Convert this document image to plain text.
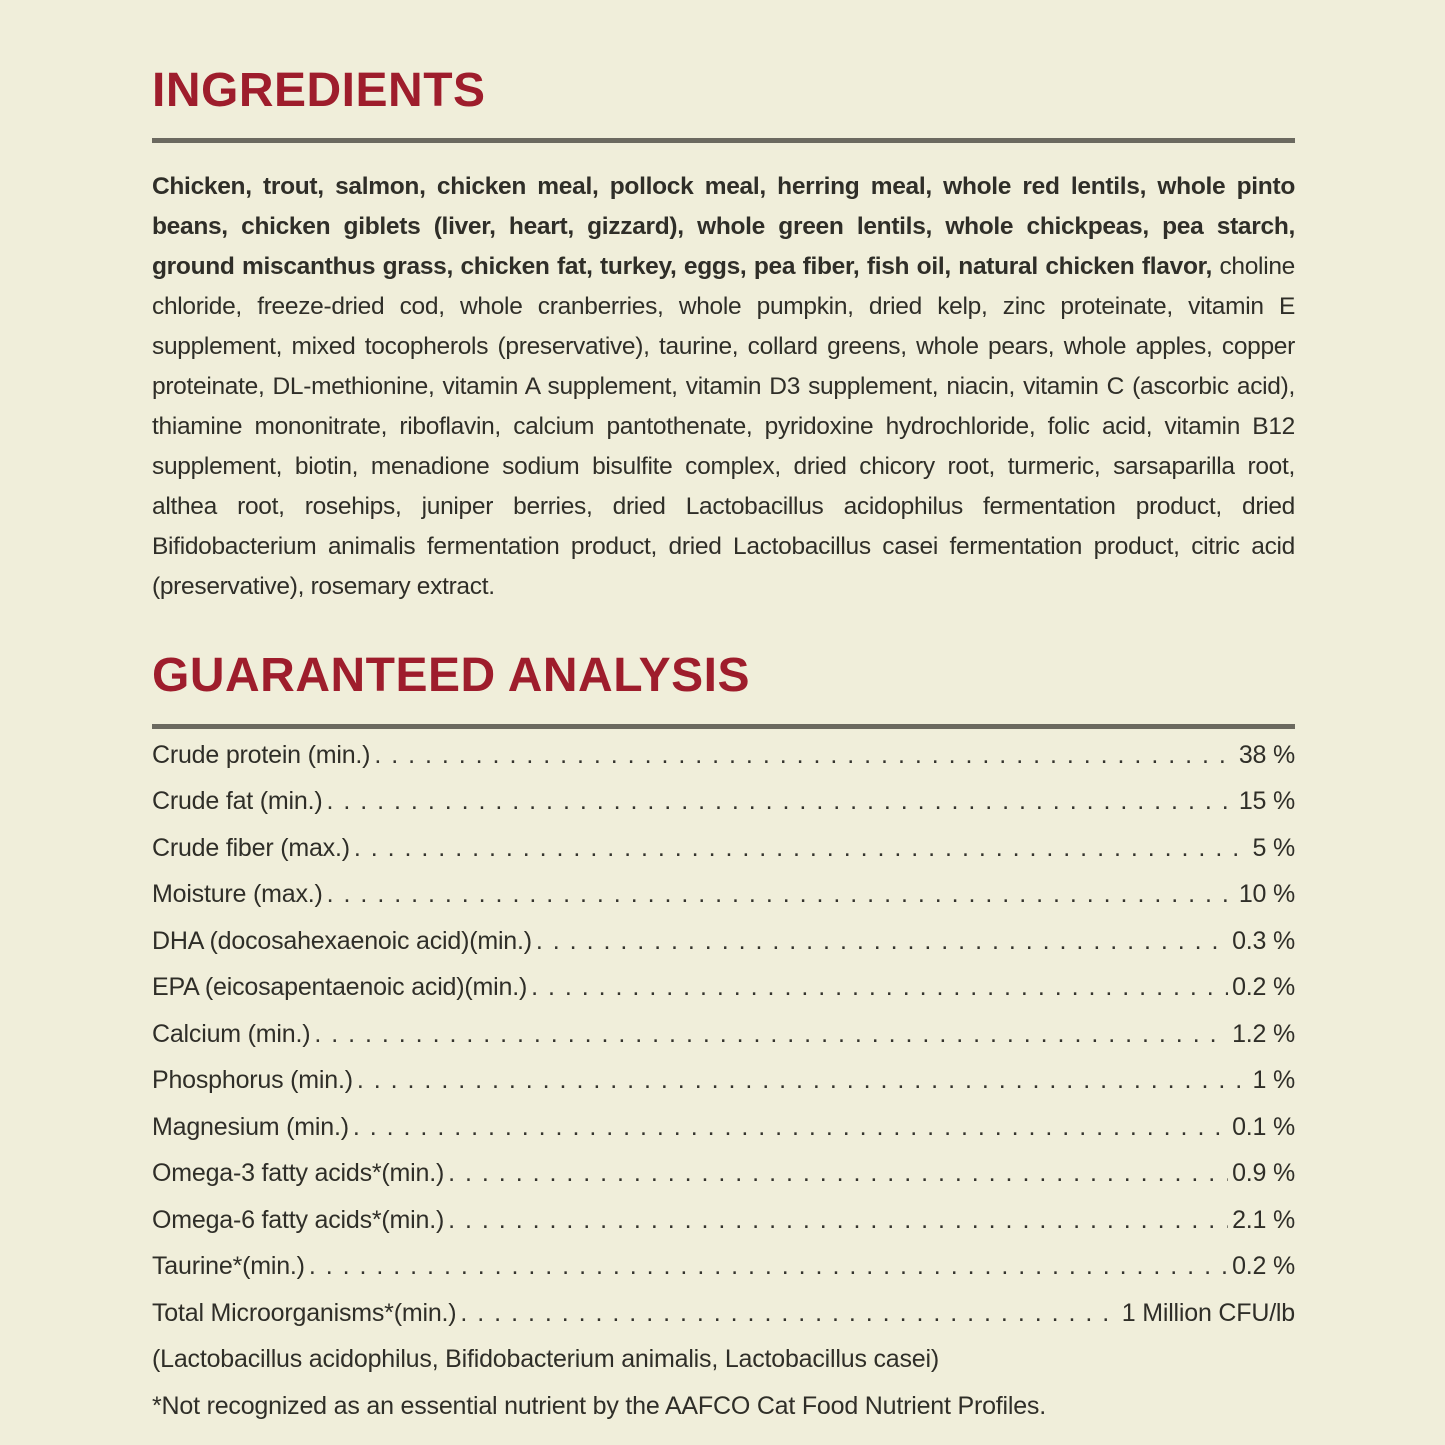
INGREDIENTS

Chicken, trout, salmon, chicken meal, pollock meal, herring meal, whole red lentils, whole pinto beans, chicken giblets (liver, heart, gizzard), whole green lentils, whole chickpeas, pea starch, ground miscanthus grass, chicken fat, turkey, eggs, pea fiber, fish oil, natural chicken flavor, choline chloride, freeze-dried cod, whole cranberries, whole pumpkin, dried kelp, zinc proteinate, vitamin E supplement, mixed tocopherols (preservative), taurine, collard greens, whole pears, whole apples, copper proteinate, DL-methionine, vitamin A supplement, vitamin D3 supplement, niacin, vitamin C (ascorbic acid), thiamine mononitrate, riboflavin, calcium pantothenate, pyridoxine hydrochloride, folic acid, vitamin B12 supplement, biotin, menadione sodium bisulfite complex, dried chicory root, turmeric, sarsaparilla root, althea root, rosehips, juniper berries, dried Lactobacillus acidophilus fermentation product, dried Bifidobacterium animalis fermentation product, dried Lactobacillus casei fermentation product, citric acid (preservative), rosemary extract.

GUARANTEED ANALYSIS
Crude protein (min.) . . .	38 %
Crude fat (min.) . . .	15 %
Crude fiber (max.) . . .	5 %
Moisture (max.) . . .	10 %
DHA (docosahexaenoic acid)(min.) . . .	0.3 %
EPA (eicosapentaenoic acid)(min.) . . .	0.2 %
Calcium (min.) . . .	1.2 %
Phosphorus (min.) . . .	1 %
Magnesium (min.) . . .	0.1 %
Omega-3 fatty acids*(min.) . . .	0.9 %
Omega-6 fatty acids*(min.) . . .	2.1 %
Taurine*(min.) . . .	0.2 %
Total Microorganisms*(min.) . . .	1 Million CFU/lb
(Lactobacillus acidophilus, Bifidobacterium animalis, Lactobacillus casei)
*Not recognized as an essential nutrient by the AAFCO Cat Food Nutrient Profiles.
